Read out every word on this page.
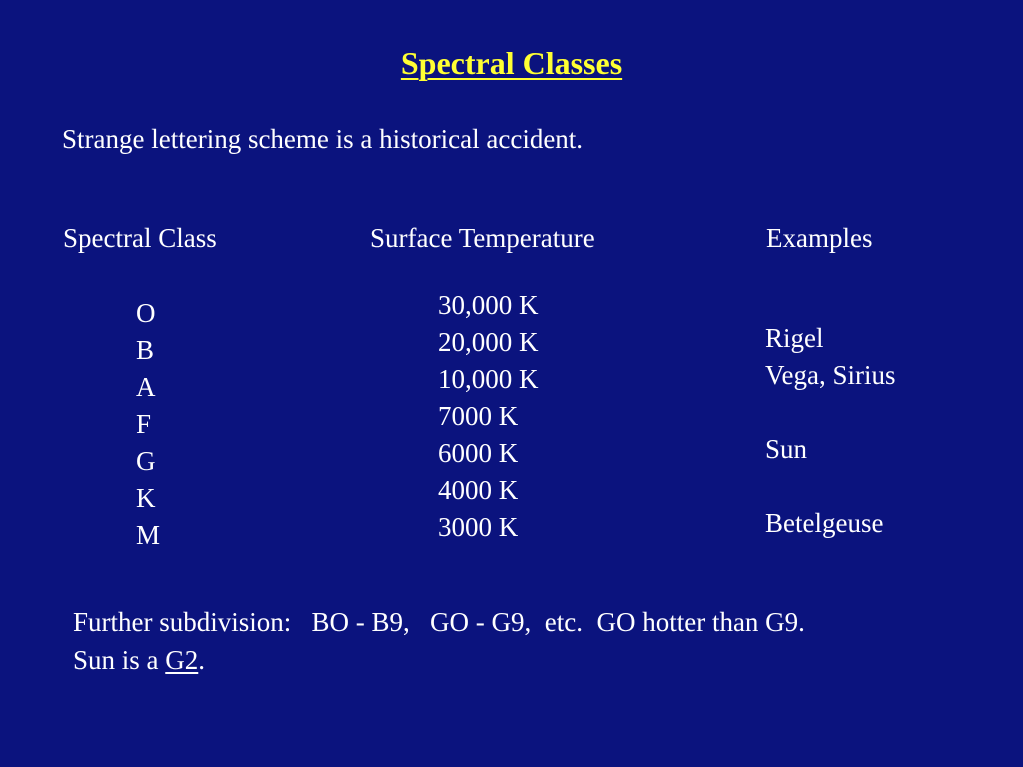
Spectral Classes

Strange lettering scheme is a historical accident.

Spectral Class	Surface Temperature	Examples
O
B
A
F
G
K
M
30,000 K
20,000 K
10,000 K
7000 K
6000 K
4000 K
3000 K
Rigel
Vega, Sirius
Sun
Betelgeuse
Further subdivision:   BO - B9,   GO - G9,  etc.  GO hotter than G9.
Sun is a G2.
